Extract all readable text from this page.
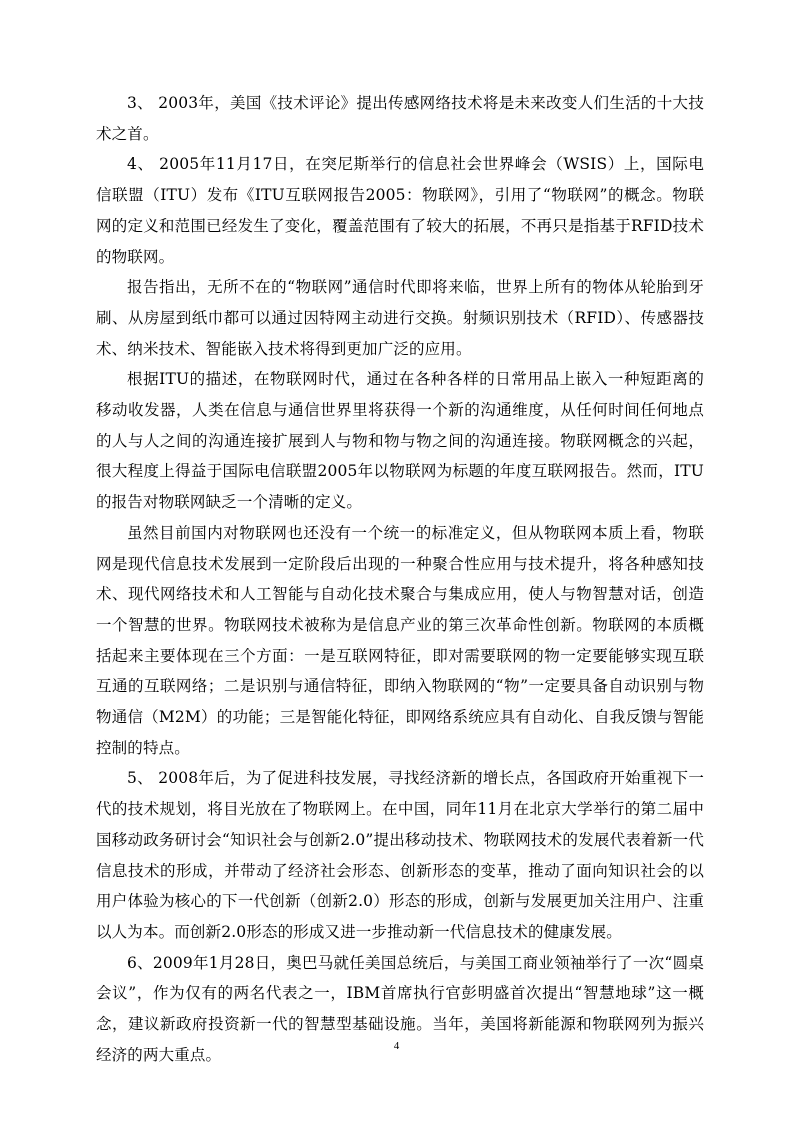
3、 2003年，美国《技术评论》提出传感网络技术将是未来改变人们生活的十大技术之首。

4、 2005年11月17日，在突尼斯举行的信息社会世界峰会（WSIS）上，国际电信联盟（ITU）发布《ITU互联网报告2005：物联网》，引用了“物联网”的概念。物联网的定义和范围已经发生了变化，覆盖范围有了较大的拓展，不再只是指基于RFID技术的物联网。

报告指出，无所不在的“物联网”通信时代即将来临，世界上所有的物体从轮胎到牙刷、从房屋到纸巾都可以通过因特网主动进行交换。射频识别技术（RFID）、传感器技术、纳米技术、智能嵌入技术将得到更加广泛的应用。

根据ITU的描述，在物联网时代，通过在各种各样的日常用品上嵌入一种短距离的移动收发器，人类在信息与通信世界里将获得一个新的沟通维度，从任何时间任何地点的人与人之间的沟通连接扩展到人与物和物与物之间的沟通连接。物联网概念的兴起，很大程度上得益于国际电信联盟2005年以物联网为标题的年度互联网报告。然而，ITU的报告对物联网缺乏一个清晰的定义。

虽然目前国内对物联网也还没有一个统一的标准定义，但从物联网本质上看，物联网是现代信息技术发展到一定阶段后出现的一种聚合性应用与技术提升，将各种感知技术、现代网络技术和人工智能与自动化技术聚合与集成应用，使人与物智慧对话，创造一个智慧的世界。物联网技术被称为是信息产业的第三次革命性创新。物联网的本质概括起来主要体现在三个方面：一是互联网特征，即对需要联网的物一定要能够实现互联互通的互联网络；二是识别与通信特征，即纳入物联网的“物”一定要具备自动识别与物物通信（M2M）的功能；三是智能化特征，即网络系统应具有自动化、自我反馈与智能控制的特点。

5、 2008年后，为了促进科技发展，寻找经济新的增长点，各国政府开始重视下一代的技术规划，将目光放在了物联网上。在中国，同年11月在北京大学举行的第二届中国移动政务研讨会“知识社会与创新2.0”提出移动技术、物联网技术的发展代表着新一代信息技术的形成，并带动了经济社会形态、创新形态的变革，推动了面向知识社会的以用户体验为核心的下一代创新（创新2.0）形态的形成，创新与发展更加关注用户、注重以人为本。而创新2.0形态的形成又进一步推动新一代信息技术的健康发展。

6、2009年1月28日，奥巴马就任美国总统后，与美国工商业领袖举行了一次“圆桌会议”，作为仅有的两名代表之一，IBM首席执行官彭明盛首次提出“智慧地球”这一概念，建议新政府投资新一代的智慧型基础设施。当年，美国将新能源和物联网列为振兴经济的两大重点。	4
